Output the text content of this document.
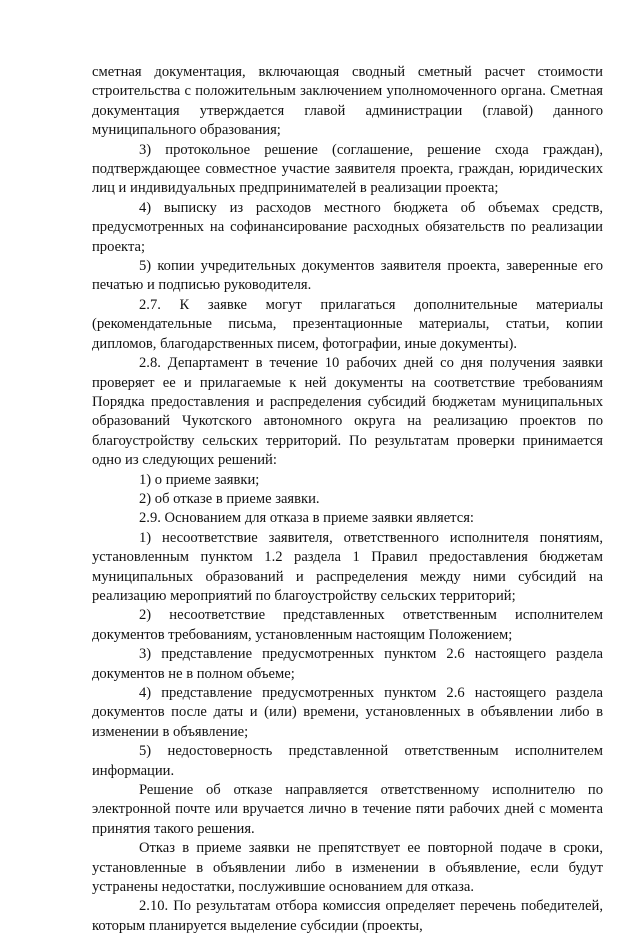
сметная документация, включающая сводный сметный расчет стоимости строительства с положительным заключением уполномоченного органа. Сметная документация утверждается главой администрации (главой) данного муниципального образования;

3) протокольное решение (соглашение, решение схода граждан), подтверждающее совместное участие заявителя проекта, граждан, юридических лиц и индивидуальных предпринимателей в реализации проекта;

4) выписку из расходов местного бюджета об объемах средств, предусмотренных на софинансирование расходных обязательств по реализации проекта;

5) копии учредительных документов заявителя проекта, заверенные его печатью и подписью руководителя.

2.7. К заявке могут прилагаться дополнительные материалы (рекомендательные письма, презентационные материалы, статьи, копии дипломов, благодарственных писем, фотографии, иные документы).

2.8. Департамент в течение 10 рабочих дней со дня получения заявки проверяет ее и прилагаемые к ней документы на соответствие требованиям Порядка предоставления и распределения субсидий бюджетам муниципальных образований Чукотского автономного округа на реализацию проектов по благоустройству сельских территорий. По результатам проверки принимается одно из следующих решений:

1) о приеме заявки;

2) об отказе в приеме заявки.

2.9. Основанием для отказа в приеме заявки является:

1) несоответствие заявителя, ответственного исполнителя понятиям, установленным пунктом 1.2 раздела 1 Правил предоставления бюджетам муниципальных образований и распределения между ними субсидий на реализацию мероприятий по благоустройству сельских территорий;

2) несоответствие представленных ответственным исполнителем документов требованиям, установленным настоящим Положением;

3) представление предусмотренных пунктом 2.6 настоящего раздела документов не в полном объеме;

4) представление предусмотренных пунктом 2.6 настоящего раздела документов после даты и (или) времени, установленных в объявлении либо в изменении в объявление;

5) недостоверность представленной ответственным исполнителем информации.

Решение об отказе направляется ответственному исполнителю по электронной почте или вручается лично в течение пяти рабочих дней с момента принятия такого решения.

Отказ в приеме заявки не препятствует ее повторной подаче в сроки, установленные в объявлении либо в изменении в объявление, если будут устранены недостатки, послужившие основанием для отказа.

2.10. По результатам отбора комиссия определяет перечень победителей, которым планируется выделение субсидии (проекты,
